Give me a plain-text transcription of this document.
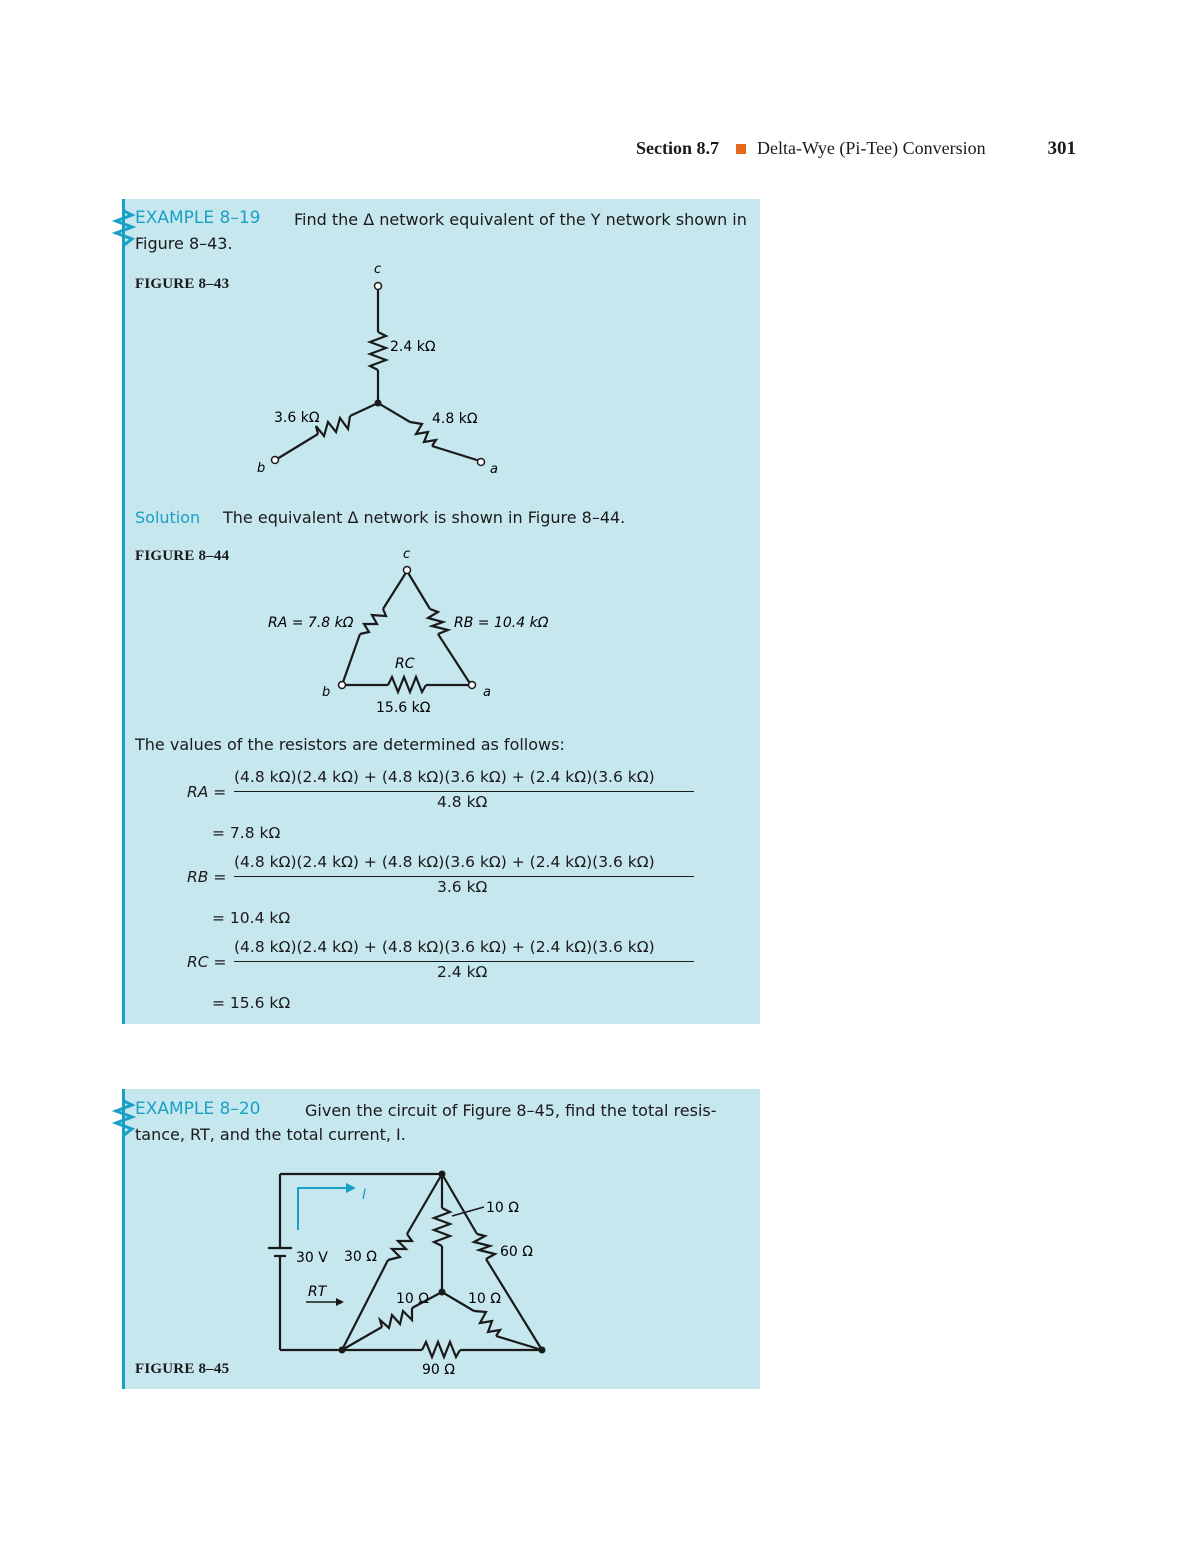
Section 8.7 Delta-Wye (Pi-Tee) Conversion	301
EXAMPLE 8–19 Find the Δ network equivalent of the Y network shown in
Figure 8–43.
FIGURE 8–43
c
2.4 kΩ
3.6 kΩ	4.8 kΩ
b	a
Solution The equivalent Δ network is shown in Figure 8–44.
FIGURE 8–44	c
RA = 7.8 kΩ	RB = 10.4 kΩ
RC
b	a
15.6 kΩ
The values of the resistors are determined as follows:
RA =
(4.8 kΩ)(2.4 kΩ) + (4.8 kΩ)(3.6 kΩ) + (2.4 kΩ)(3.6 kΩ)
4.8 kΩ
= 7.8 kΩ
RB =
(4.8 kΩ)(2.4 kΩ) + (4.8 kΩ)(3.6 kΩ) + (2.4 kΩ)(3.6 kΩ)
3.6 kΩ
= 10.4 kΩ
RC =
(4.8 kΩ)(2.4 kΩ) + (4.8 kΩ)(3.6 kΩ) + (2.4 kΩ)(3.6 kΩ)
2.4 kΩ
= 15.6 kΩ
EXAMPLE 8–20	Given the circuit of Figure 8–45, find the total resis-
tance, RT, and the total current, I.
I
30 V 30 Ω
10 Ω
60 Ω
10 Ω	10 Ω
90 Ω
RT
FIGURE 8–45
